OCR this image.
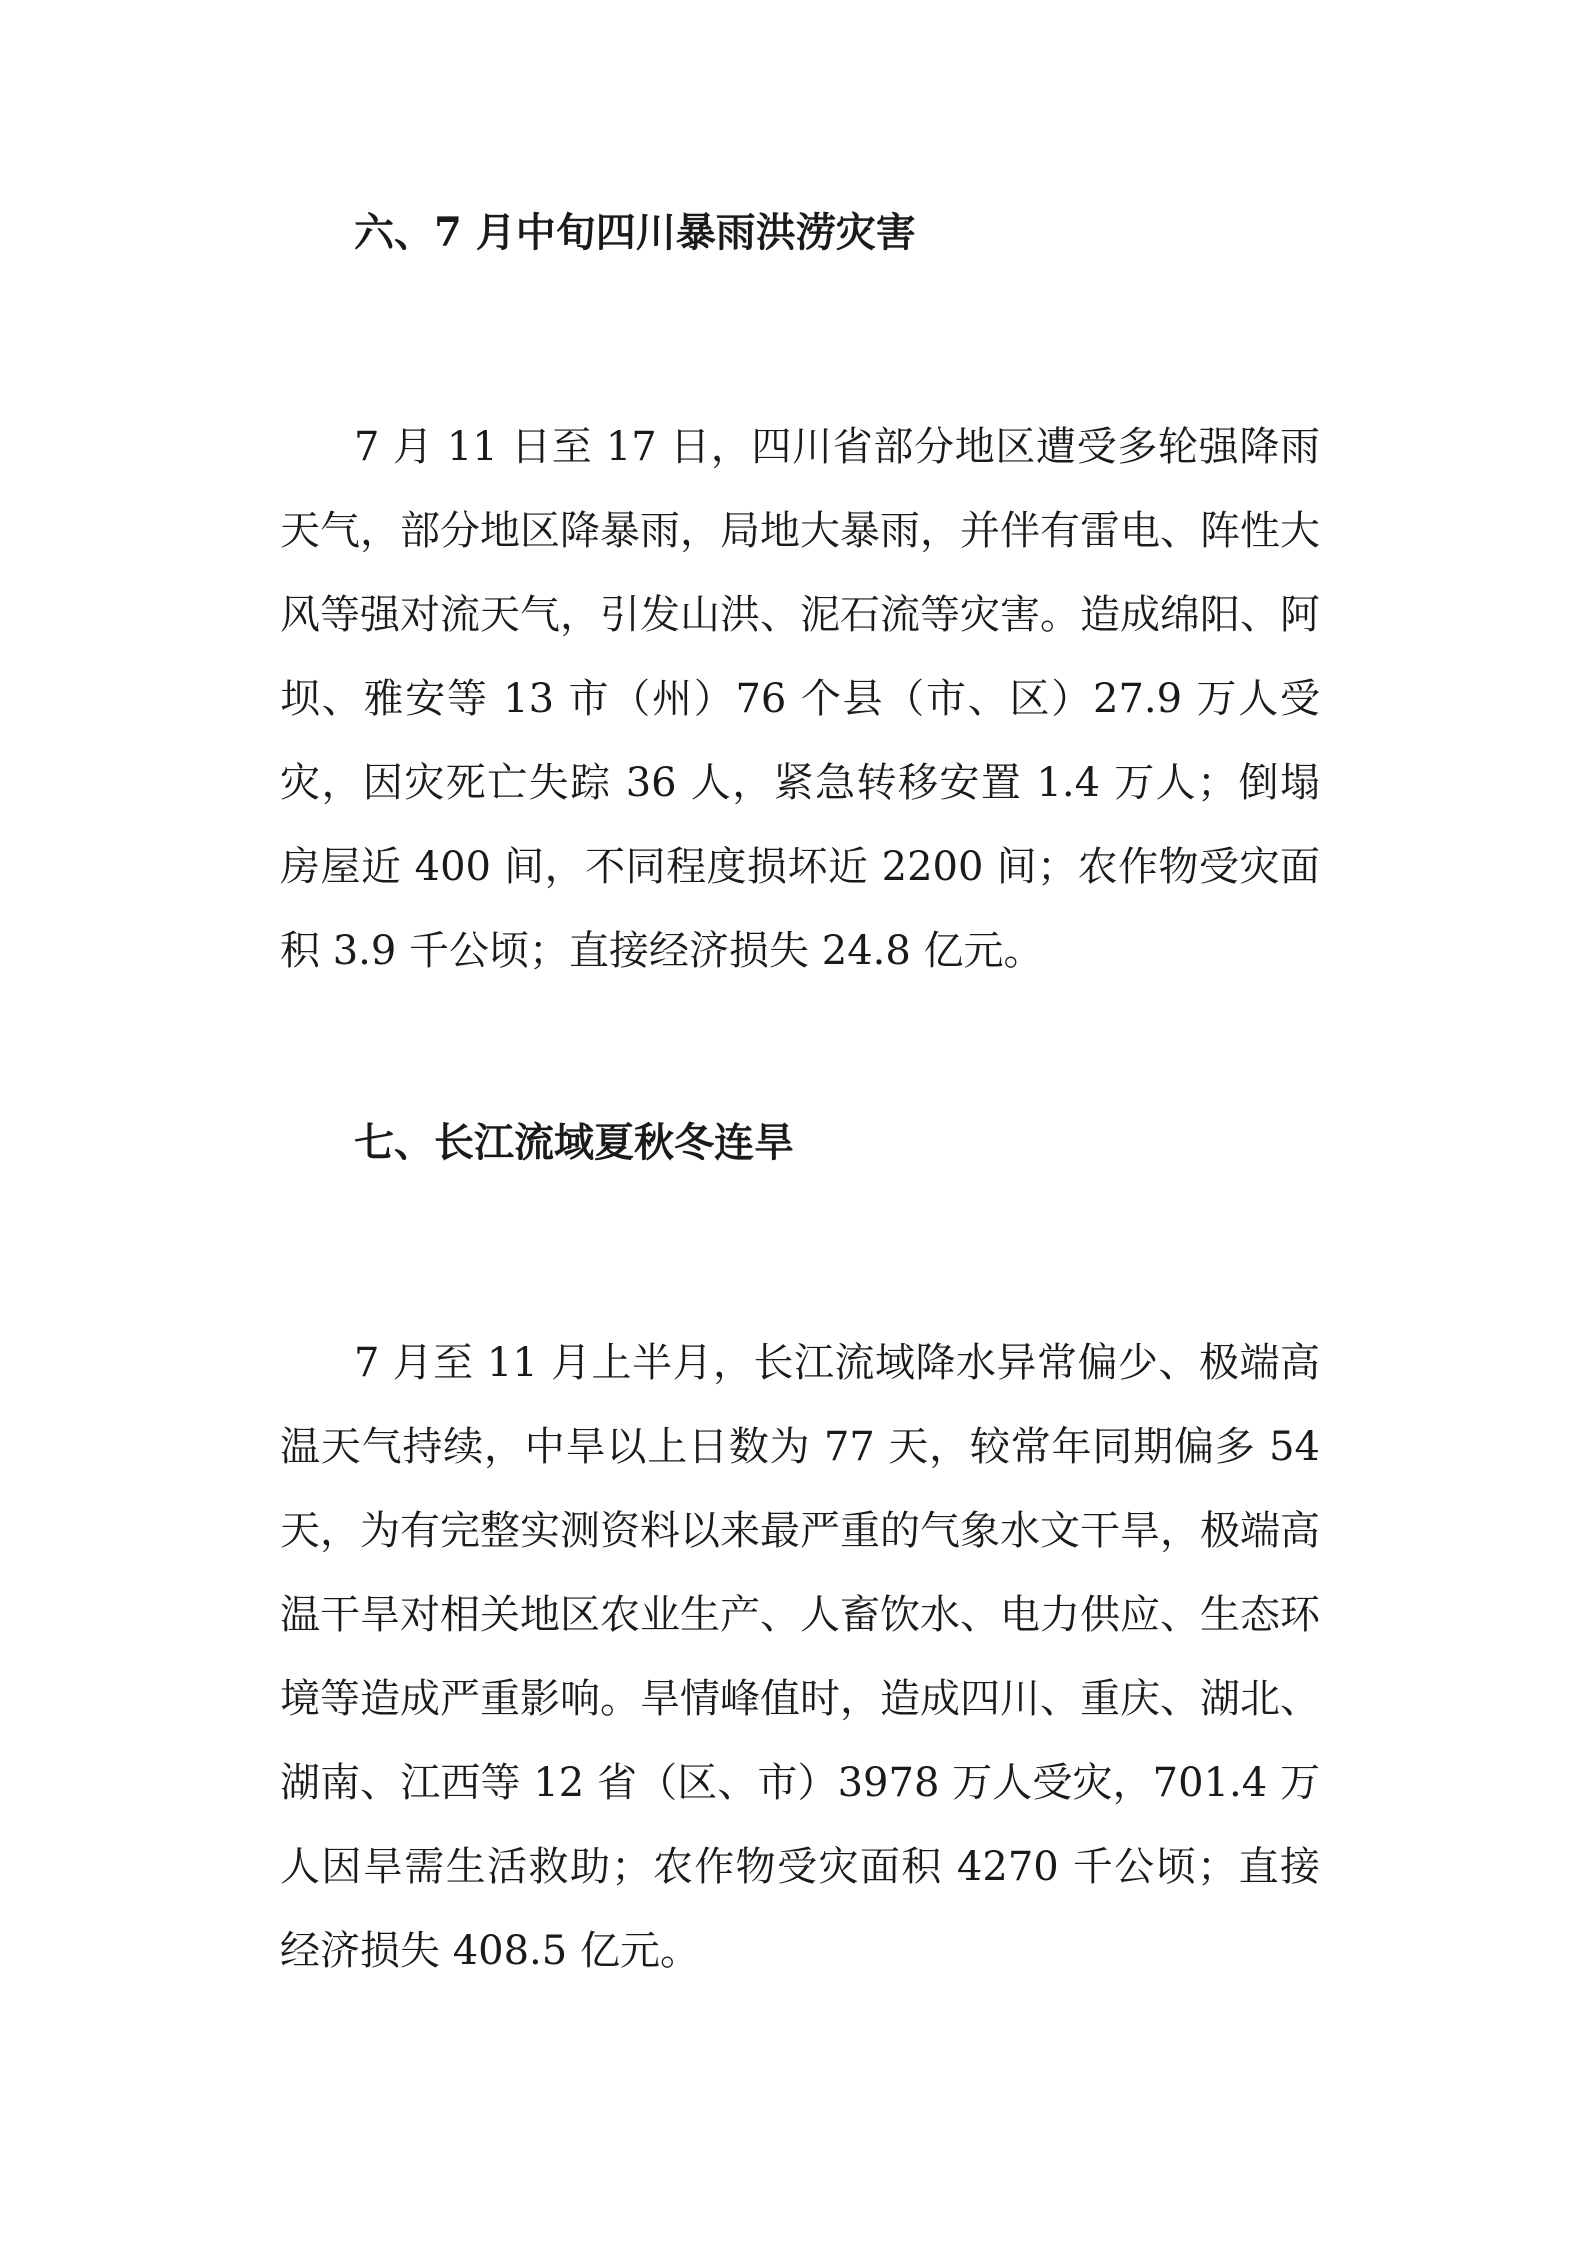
六、7 月中旬四川暴雨洪涝灾害

7 月 11 日至 17 日，四川省部分地区遭受多轮强降雨天气，部分地区降暴雨，局地大暴雨，并伴有雷电、阵性大风等强对流天气，引发山洪、泥石流等灾害。造成绵阳、阿坝、雅安等 13 市（州）76 个县（市、区）27.9 万人受灾，因灾死亡失踪 36 人，紧急转移安置 1.4 万人；倒塌房屋近 400 间，不同程度损坏近 2200 间；农作物受灾面积 3.9 千公顷；直接经济损失 24.8 亿元。

七、长江流域夏秋冬连旱

7 月至 11 月上半月，长江流域降水异常偏少、极端高温天气持续，中旱以上日数为 77 天，较常年同期偏多 54 天，为有完整实测资料以来最严重的气象水文干旱，极端高温干旱对相关地区农业生产、人畜饮水、电力供应、生态环境等造成严重影响。旱情峰值时，造成四川、重庆、湖北、湖南、江西等 12 省（区、市）3978 万人受灾，701.4 万人因旱需生活救助；农作物受灾面积 4270 千公顷；直接经济损失 408.5 亿元。
